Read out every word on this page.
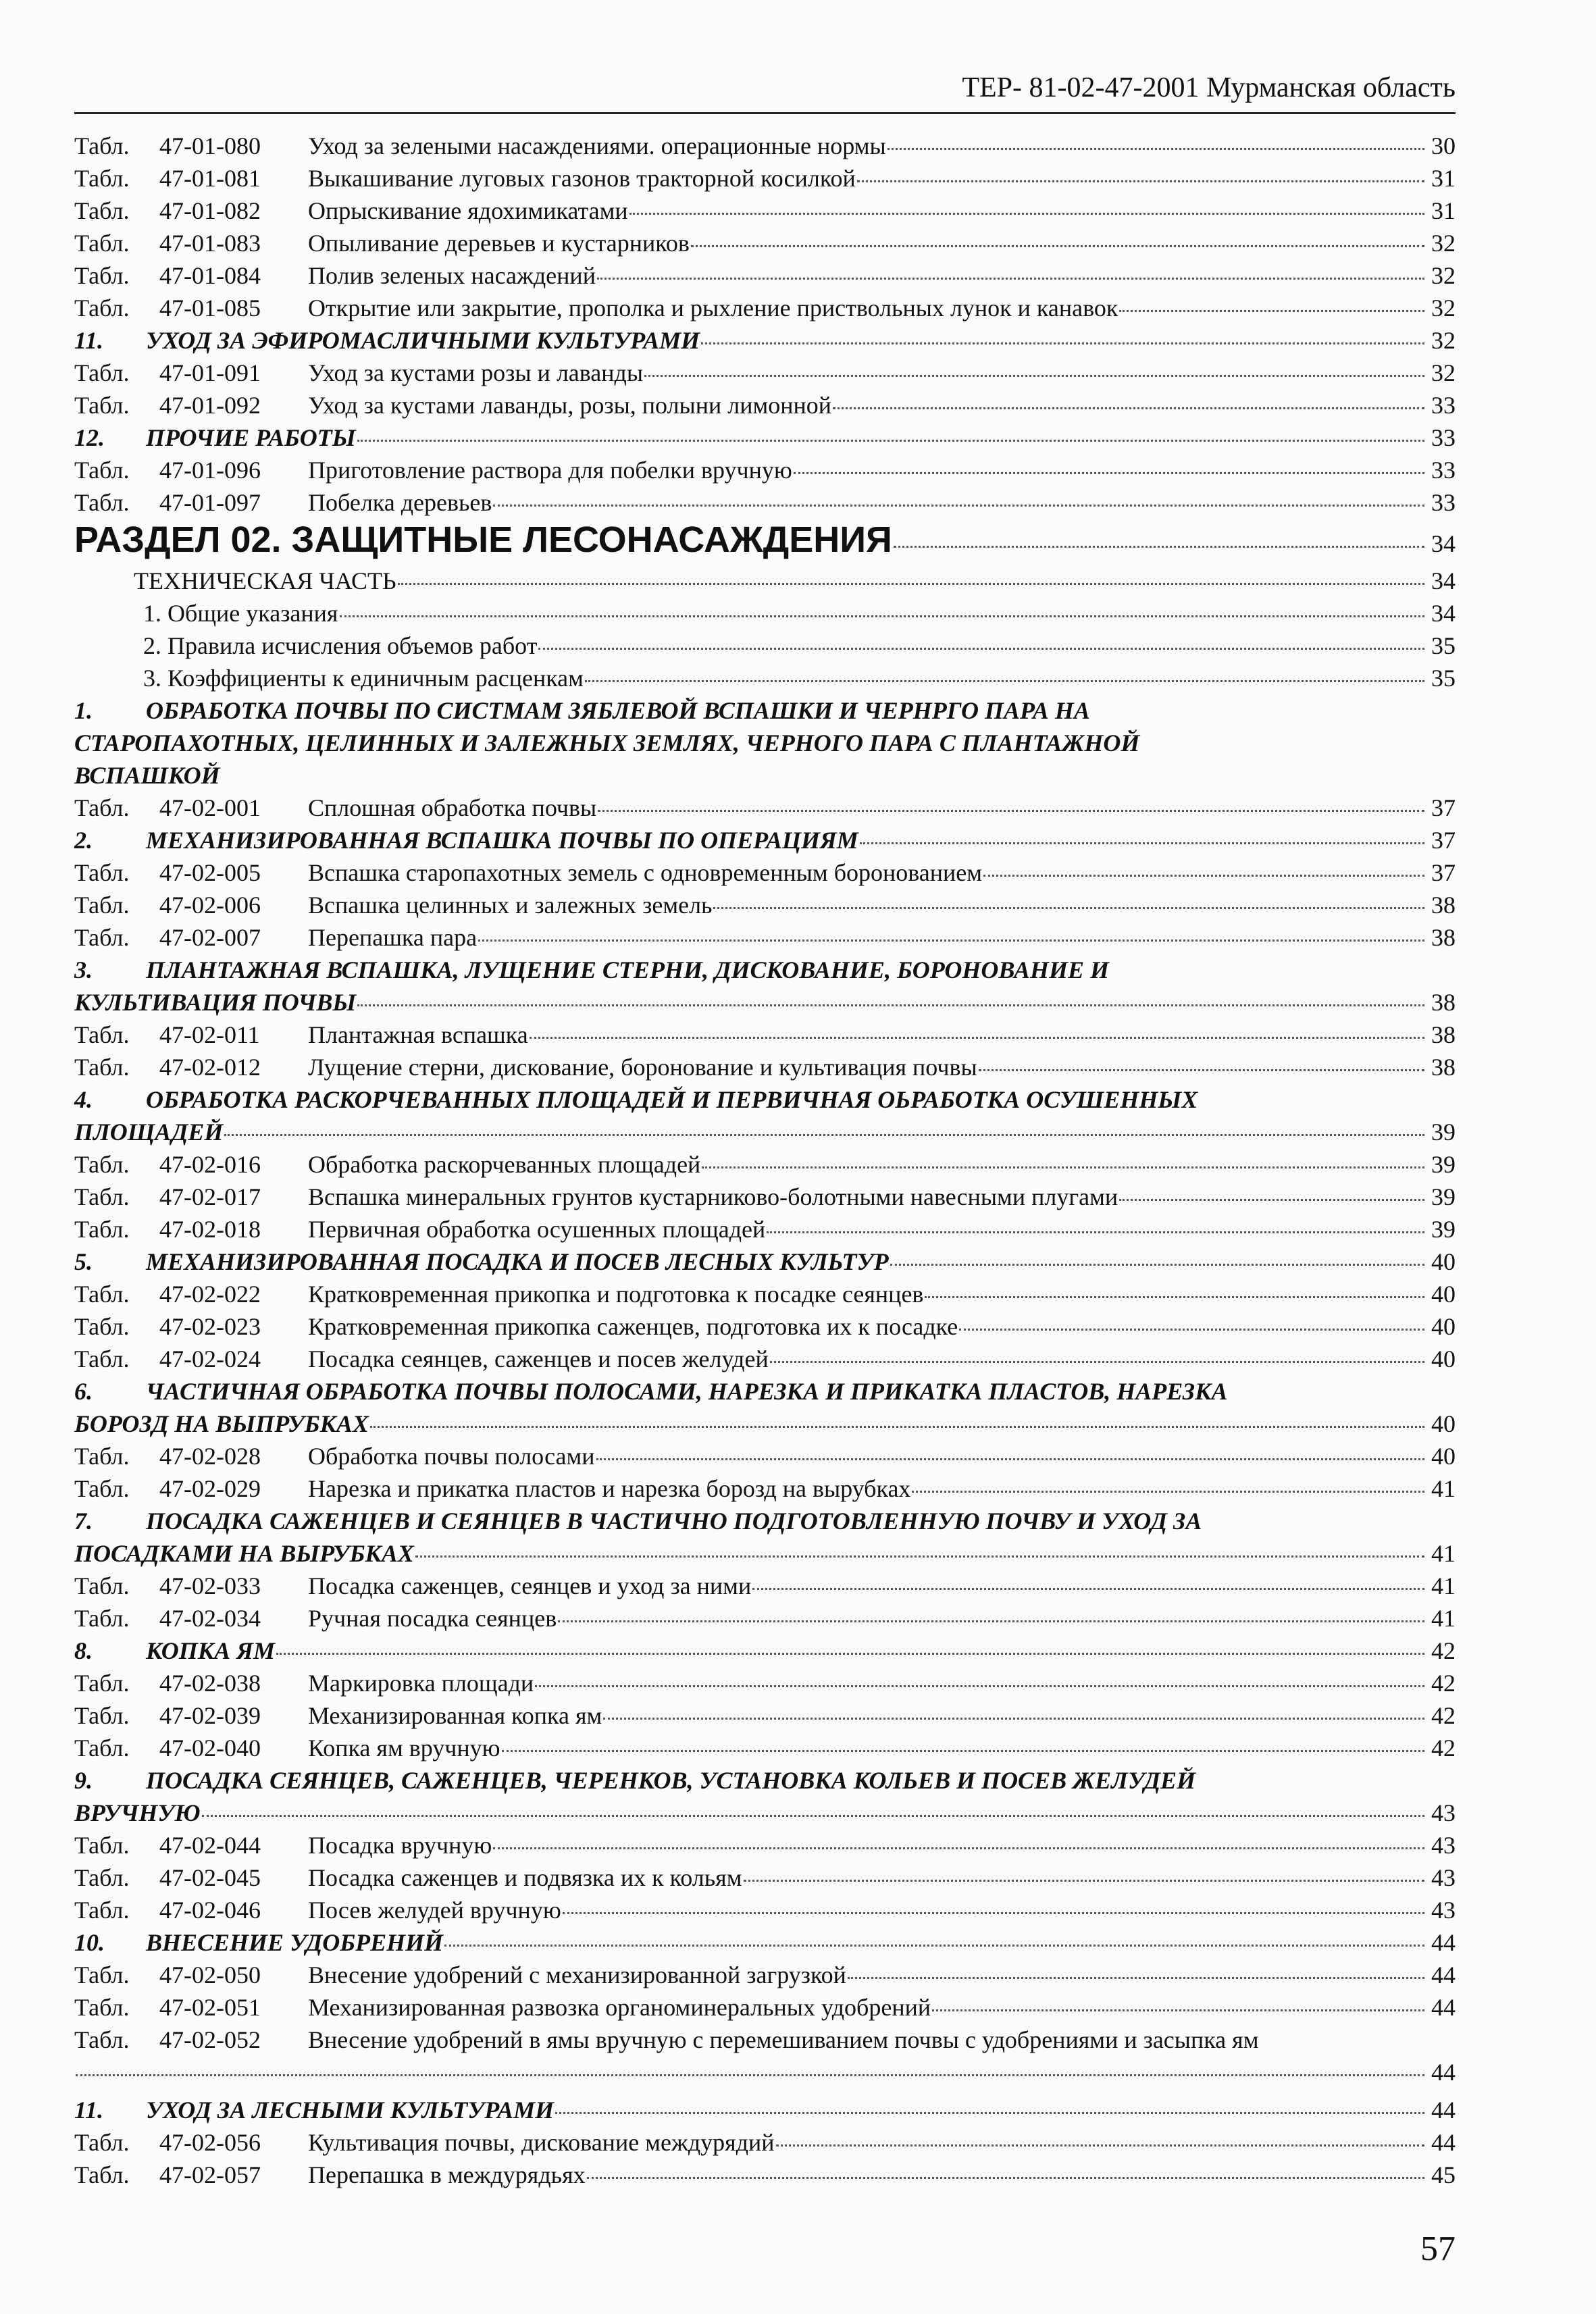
ТЕР- 81-02-47-2001 Мурманская область
Табл. 47-01-080	Уход за зелеными насаждениями. операционные нормы	30
Табл. 47-01-081	Выкашивание луговых газонов тракторной косилкой	31
Табл. 47-01-082	Опрыскивание ядохимикатами	31
Табл. 47-01-083	Опыливание деревьев и кустарников	32
Табл. 47-01-084	Полив зеленых насаждений	32
Табл. 47-01-085	Открытие или закрытие, прополка и рыхление приствольных лунок и канавок	32
11.	УХОД ЗА ЭФИРОМАСЛИЧНЫМИ КУЛЬТУРАМИ	32
Табл. 47-01-091	Уход за кустами розы и лаванды	32
Табл. 47-01-092	Уход за кустами лаванды, розы, полыни лимонной	33
12.	ПРОЧИЕ РАБОТЫ	33
Табл. 47-01-096	Приготовление раствора для побелки вручную	33
Табл. 47-01-097	Побелка деревьев	33
РАЗДЕЛ 02. ЗАЩИТНЫЕ ЛЕСОНАСАЖДЕНИЯ	34
ТЕХНИЧЕСКАЯ ЧАСТЬ	34
1. Общие указания	34
2. Правила исчисления объемов работ	35
3. Коэффициенты к единичным расценкам	35
1. ОБРАБОТКА ПОЧВЫ ПО СИСТМАМ ЗЯБЛЕВОЙ ВСПАШКИ И ЧЕРНРГО ПАРА НА
СТАРОПАХОТНЫХ, ЦЕЛИННЫХ И ЗАЛЕЖНЫХ ЗЕМЛЯХ, ЧЕРНОГО ПАРА С ПЛАНТАЖНОЙ
ВСПАШКОЙ
Табл. 47-02-001	Сплошная обработка почвы	37
2.	МЕХАНИЗИРОВАННАЯ ВСПАШКА ПОЧВЫ ПО ОПЕРАЦИЯМ	37
Табл. 47-02-005	Вспашка старопахотных земель с одновременным боронованием	37
Табл. 47-02-006	Вспашка целинных и залежных земель	38
Табл. 47-02-007	Перепашка пара	38
3. ПЛАНТАЖНАЯ ВСПАШКА, ЛУЩЕНИЕ СТЕРНИ, ДИСКОВАНИЕ, БОРОНОВАНИЕ И
КУЛЬТИВАЦИЯ ПОЧВЫ	38
Табл. 47-02-011	Плантажная вспашка	38
Табл. 47-02-012	Лущение стерни, дискование, боронование и культивация почвы	38
4. ОБРАБОТКА РАСКОРЧЕВАННЫХ ПЛОЩАДЕЙ И ПЕРВИЧНАЯ ОЬРАБОТКА ОСУШЕННЫХ
ПЛОЩАДЕЙ	39
Табл. 47-02-016	Обработка раскорчеванных площадей	39
Табл. 47-02-017	Вспашка минеральных грунтов кустарниково-болотными навесными плугами	39
Табл. 47-02-018	Первичная обработка осушенных площадей	39
5.	МЕХАНИЗИРОВАННАЯ ПОСАДКА И ПОСЕВ ЛЕСНЫХ КУЛЬТУР	40
Табл. 47-02-022	Кратковременная прикопка и подготовка к посадке сеянцев	40
Табл. 47-02-023	Кратковременная прикопка саженцев, подготовка их к посадке	40
Табл. 47-02-024	Посадка сеянцев, саженцев и посев желудей	40
6. ЧАСТИЧНАЯ ОБРАБОТКА ПОЧВЫ ПОЛОСАМИ, НАРЕЗКА И ПРИКАТКА ПЛАСТОВ, НАРЕЗКА
БОРОЗД НА ВЫПРУБКАХ	40
Табл. 47-02-028	Обработка почвы полосами	40
Табл. 47-02-029	Нарезка и прикатка пластов и нарезка борозд на вырубках	41
7. ПОСАДКА САЖЕНЦЕВ И СЕЯНЦЕВ В ЧАСТИЧНО ПОДГОТОВЛЕННУЮ ПОЧВУ И УХОД ЗА
ПОСАДКАМИ НА ВЫРУБКАХ	41
Табл. 47-02-033	Посадка саженцев, сеянцев и уход за ними	41
Табл. 47-02-034	Ручная посадка сеянцев	41
8.	КОПКА ЯМ	42
Табл. 47-02-038	Маркировка площади	42
Табл. 47-02-039	Механизированная копка ям	42
Табл. 47-02-040	Копка ям вручную	42
9. ПОСАДКА СЕЯНЦЕВ, САЖЕНЦЕВ, ЧЕРЕНКОВ, УСТАНОВКА КОЛЬЕВ И ПОСЕВ ЖЕЛУДЕЙ
ВРУЧНУЮ	43
Табл. 47-02-044	Посадка вручную	43
Табл. 47-02-045	Посадка саженцев и подвязка их к кольям	43
Табл. 47-02-046	Посев желудей вручную	43
10.	ВНЕСЕНИЕ УДОБРЕНИЙ	44
Табл. 47-02-050	Внесение удобрений с механизированной загрузкой	44
Табл. 47-02-051	Механизированная развозка органоминеральных удобрений	44
Табл. 47-02-052	Внесение удобрений в ямы вручную с перемешиванием почвы с удобрениями и засыпка ям
44
11.	УХОД ЗА ЛЕСНЫМИ КУЛЬТУРАМИ	44
Табл. 47-02-056	Культивация почвы, дискование междурядий	44
Табл. 47-02-057	Перепашка в междурядьях	45
57
